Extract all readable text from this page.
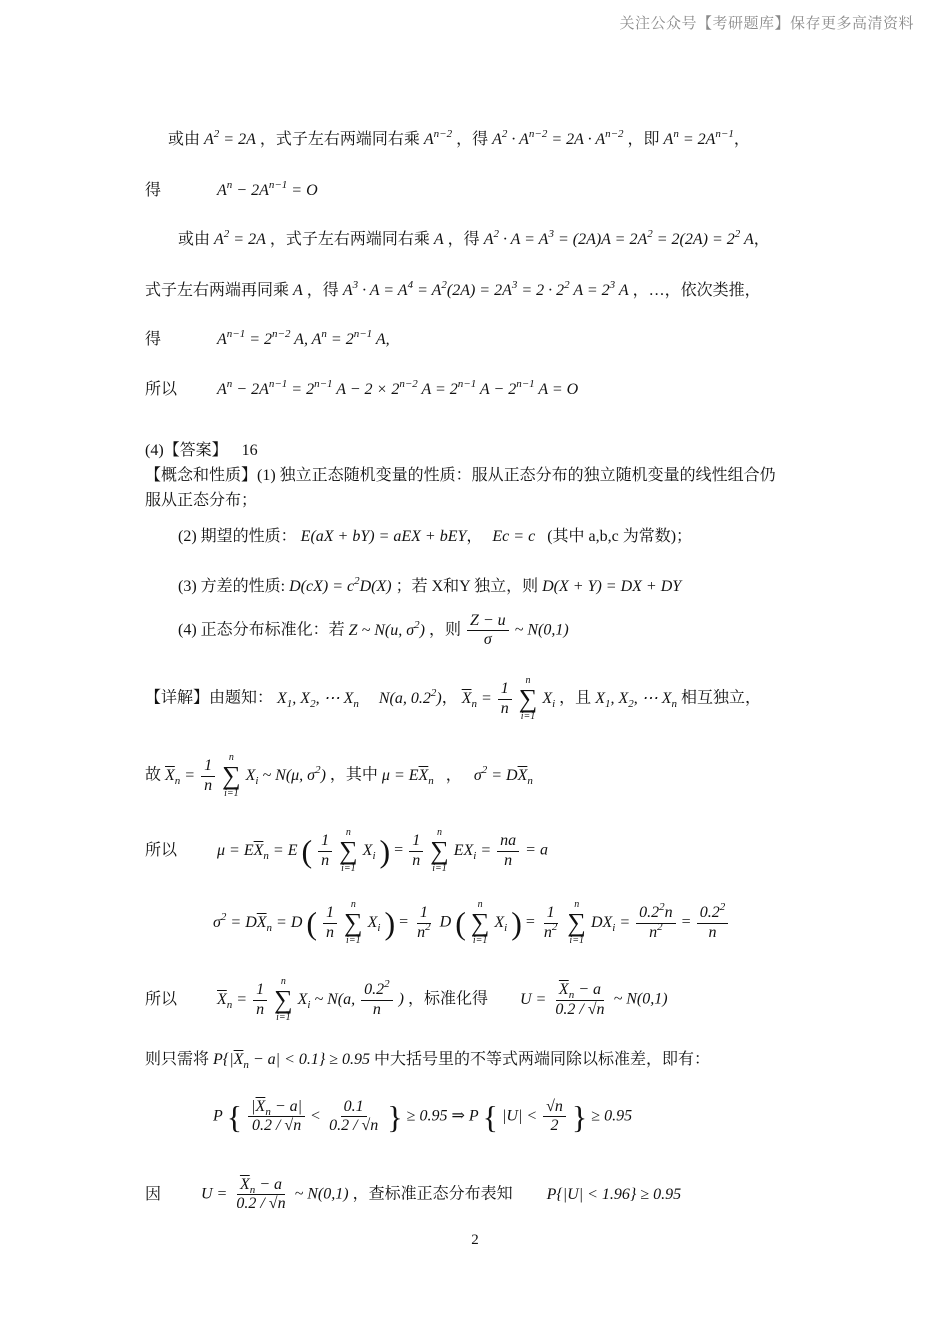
关注公众号【考研题库】保存更多高清资料
或由 $A^2 = 2A$ ，式子左右两端同右乘 $A^{n-2}$ ，得 $A^2 \cdot A^{n-2} = 2A \cdot A^{n-2}$ ，即 $A^n = 2A^{n-1}$，
得	$A^n - 2A^{n-1} = O$
或由 $A^2 = 2A$ ，式子左右两端同右乘 A ，得 $A^2 \cdot A = A^3 = (2A)A = 2A^2 = 2(2A) = 2^2$ A，
式子左右两端再同乘 A ，得 $A^3 \cdot A = A^4 = A^2(2A) = 2A^3 = 2 \cdot 2^2$ $A = 2^3$ A ，…，依次类推，
得	$A^{n-1} = 2^{n-2}$ A, $A^n = 2^{n-1}$ A,
所以 $A^n - 2A^{n-1} = 2^{n-1}$ $A - 2 \times 2^{n-2}$ $A = 2^{n-1}$ $A - 2^{n-1}$ A = O
(4)【答案】 16
【概念和性质】(1) 独立正态随机变量的性质：服从正态分布的独立随机变量的线性组合仍
服从正态分布；
(2) 期望的性质： E(aX + bY) = aEX + bEY， Ec = c (其中 a,b,c 为常数)；
(3) 方差的性质: $D(cX) = c^2D(X)$ ；若 X和Y 独立，则 D(X + Y) = DX + DY
(4) 正态分布标准化：若 Z ~ N(u, $\sigma^2$) ，则 $\frac{Z - u}{\sigma}$ ~ N(0,1)
【详解】由题知： $X_1$, $X_2$, ⋯ $X_n$ N(a, $0.2^2$)， $\overline{X}_n = \frac{1}{n}$
n
∑
i=1
$X_i$ ，且 $X_1$, $X_2$, ⋯ $X_n$ 相互独立，
故 $\overline{X}_n = \frac{1}{n}$
n
∑
i=1
$X_i$ ~ N(μ, $\sigma^2$) ，其中 $\mu = E\overline{X}_n$ ， $\sigma^2 = D\overline{X}_n$
所以 $\mu = E\overline{X}_n = E$ ( $\frac{1}{n}$
n
∑
i=1
$X_i$ ) = $\frac{1}{n}$
n
∑
i=1
$EX_i = \frac{na}{n} = a$
$\sigma^2 = D\overline{X}_n = D$ ( $\frac{1}{n}$
n
∑
i=1
$X_i$ ) = $\frac{1}{n^2}$ D (
n
∑
i=1
$X_i$ ) = $\frac{1}{n^2}$
n
∑
i=1
$DX_i = \frac{0.2^2n}{n^2} = \frac{0.2^2}{n}$
所以 $\overline{X}_n = \frac{1}{n}$
n
∑
i=1
$X_i$ ~ N(a, $\frac{0.2^2}{n}$ ) ，标准化得 $U = \frac{\overline{X}_n - a}{0.2 / √n}$ ~ N(0,1)
则只需将 $P\{|\overline{X}_n - a| < 0.1\} \ge 0.95$ 中大括号里的不等式两端同除以标准差，即有：
P { $\frac{|\overline{X}_n - a|}{0.2 / √n} < \frac{0.1}{0.2 / √n}$ } ≥ 0.95 ⇒ P { $|U| < \frac{√n}{2}$ } ≥ 0.95
因 $U = \frac{\overline{X}_n - a}{0.2 / √n}$ ~ N(0,1) ，查标准正态分布表知 P{|U| < 1.96} ≥ 0.95
2
